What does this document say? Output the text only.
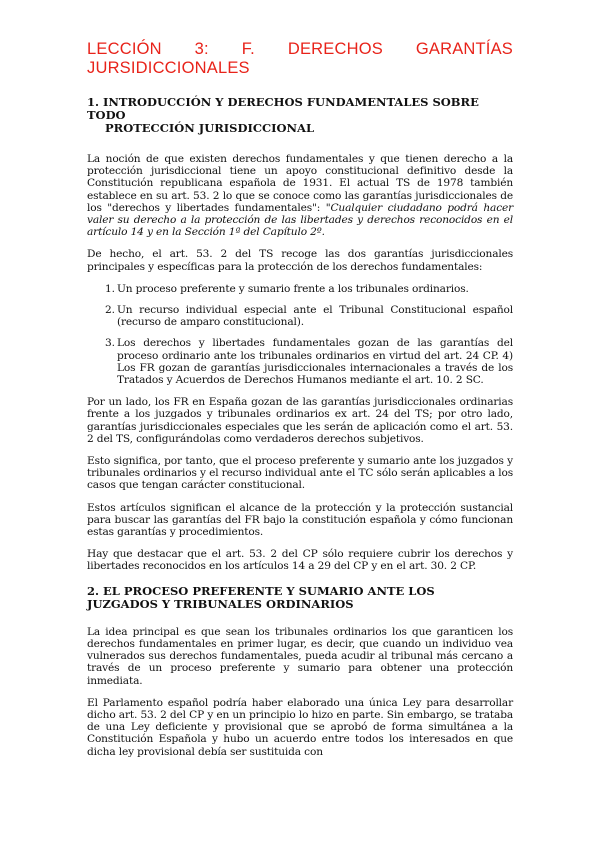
LECCIÓN 3: F. DERECHOS GARANTÍAS JURSIDICCIONALES
1. INTRODUCCIÓN Y DERECHOS FUNDAMENTALES SOBRE TODO
PROTECCIÓN JURISDICCIONAL

La noción de que existen derechos fundamentales y que tienen derecho a la protección jurisdiccional tiene un apoyo constitucional definitivo desde la Constitución republicana española de 1931. El actual TS de 1978 también establece en su art. 53. 2 lo que se conoce como las garantías jurisdiccionales de los "derechos y libertades fundamentales": "Cualquier ciudadano podrá hacer valer su derecho a la protección de las libertades y derechos reconocidos en el artículo 14 y en la Sección 1ª del Capítulo 2º.

De hecho, el art. 53. 2 del TS recoge las dos garantías jurisdiccionales principales y específicas para la protección de los derechos fundamentales:

1. Un proceso preferente y sumario frente a los tribunales ordinarios.
2. Un recurso individual especial ante el Tribunal Constitucional español (recurso de amparo constitucional).
3. Los derechos y libertades fundamentales gozan de las garantías del proceso ordinario ante los tribunales ordinarios en virtud del art. 24 CP. 4) Los FR gozan de garantías jurisdiccionales internacionales a través de los Tratados y Acuerdos de Derechos Humanos mediante el art. 10. 2 SC.

Por un lado, los FR en España gozan de las garantías jurisdiccionales ordinarias frente a los juzgados y tribunales ordinarios ex art. 24 del TS; por otro lado, garantías jurisdiccionales especiales que les serán de aplicación como el art. 53. 2 del TS, configurándolas como verdaderos derechos subjetivos.

Esto significa, por tanto, que el proceso preferente y sumario ante los juzgados y tribunales ordinarios y el recurso individual ante el TC sólo serán aplicables a los casos que tengan carácter constitucional.

Estos artículos significan el alcance de la protección y la protección sustancial para buscar las garantías del FR bajo la constitución española y cómo funcionan estas garantías y procedimientos.

Hay que destacar que el art. 53. 2 del CP sólo requiere cubrir los derechos y libertades reconocidos en los artículos 14 a 29 del CP y en el art. 30. 2 CP.

2. EL PROCESO PREFERENTE Y SUMARIO ANTE LOS
JUZGADOS Y TRIBUNALES ORDINARIOS

La idea principal es que sean los tribunales ordinarios los que garanticen los derechos fundamentales en primer lugar, es decir, que cuando un individuo vea vulnerados sus derechos fundamentales, pueda acudir al tribunal más cercano a través de un proceso preferente y sumario para obtener una protección inmediata.

El Parlamento español podría haber elaborado una única Ley para desarrollar dicho art. 53. 2 del CP y en un principio lo hizo en parte. Sin embargo, se trataba de una Ley deficiente y provisional que se aprobó de forma simultánea a la Constitución Española y hubo un acuerdo entre todos los interesados en que dicha ley provisional debía ser sustituida con
